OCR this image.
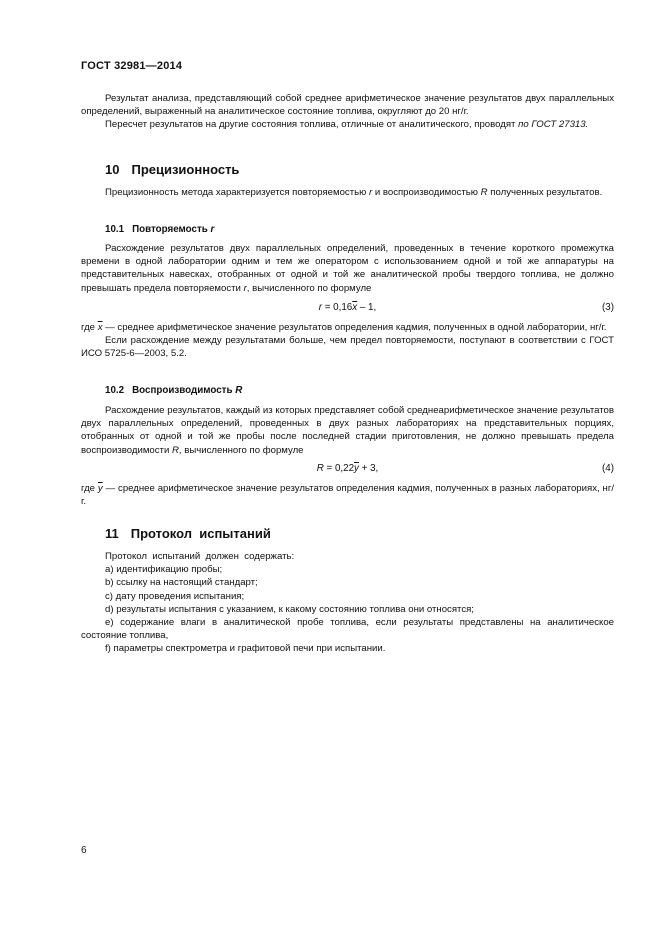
ГОСТ 32981—2014

Результат анализа, представляющий собой среднее арифметическое значение результатов двух параллельных определений, выраженный на аналитическое состояние топлива, округляют до 20 нг/г.

Пересчет результатов на другие состояния топлива, отличные от аналитического, проводят по ГОСТ 27313.

10 Прецизионность

Прецизионность метода характеризуется повторяемостью r и воспроизводимостью R полученных результатов.

10.1 Повторяемость r

Расхождение результатов двух параллельных определений, проведенных в течение короткого промежутка времени в одной лаборатории одним и тем же оператором с использованием одной и той же аппаратуры на представительных навесках, отобранных от одной и той же аналитической пробы твердого топлива, не должно превышать предела повторяемости r, вычисленного по формуле

$r = 0,16\overline{x} - 1$,	(3)

где $\overline{x}$ — среднее арифметическое значение результатов определения кадмия, полученных в одной лаборатории, нг/г.

Если расхождение между результатами больше, чем предел повторяемости, поступают в соответствии с ГОСТ ИСО 5725-6—2003, 5.2.

10.2 Воспроизводимость R

Расхождение результатов, каждый из которых представляет собой среднеарифметическое значение результатов двух параллельных определений, проведенных в двух разных лабораториях на представительных порциях, отобранных от одной и той же пробы после последней стадии приготовления, не должно превышать предела воспроизводимости R, вычисленного по формуле

$R = 0,22\overline{y} + 3$,	(4)

где $\overline{y}$ — среднее арифметическое значение результатов определения кадмия, полученных в разных лабораториях, нг/г.

11 Протокол  испытаний

Протокол  испытаний  должен  содержать:

а) идентификацию пробы;

b) ссылку на настоящий стандарт;

c) дату проведения испытания;

d) результаты испытания с указанием, к какому состоянию топлива они относятся;

e) содержание влаги в аналитической пробе топлива, если результаты представлены на аналитическое состояние топлива,

f) параметры спектрометра и графитовой печи при испытании.

6
